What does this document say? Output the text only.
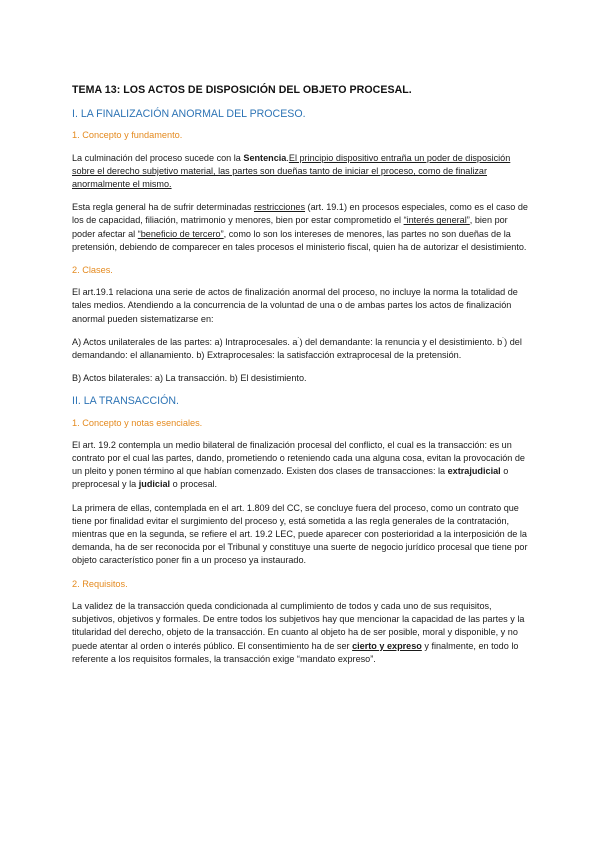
TEMA 13: LOS ACTOS DE DISPOSICIÓN DEL OBJETO PROCESAL.
I. LA FINALIZACIÓN ANORMAL DEL PROCESO.
1. Concepto y fundamento.

La culminación del proceso sucede con la Sentencia.El principio dispositivo entraña un poder de disposición sobre el derecho subjetivo material, las partes son dueñas tanto de iniciar el proceso, como de finalizar anormalmente el mismo.

Esta regla general ha de sufrir determinadas restricciones (art. 19.1) en procesos especiales, como es el caso de los de capacidad, filiación, matrimonio y menores, bien por estar comprometido el “interés general”, bien por poder afectar al “beneficio de tercero”, como lo son los intereses de menores, las partes no son dueñas de la pretensión, debiendo de comparecer en tales procesos el ministerio fiscal, quien ha de autorizar el desistimiento.

2. Clases.

El art.19.1 relaciona una serie de actos de finalización anormal del proceso, no incluye la norma la totalidad de tales medios. Atendiendo a la concurrencia de la voluntad de una o de ambas partes los actos de finalización anormal pueden sistematizarse en:

A) Actos unilaterales de las partes: a) Intraprocesales. a´) del demandante: la renuncia y el desistimiento. b´) del demandando: el allanamiento. b) Extraprocesales: la satisfacción extraprocesal de la pretensión.

B) Actos bilaterales: a) La transacción. b) El desistimiento.

II. LA TRANSACCIÓN.
1. Concepto y notas esenciales.

El art. 19.2 contempla un medio bilateral de finalización procesal del conflicto, el cual es la transacción: es un contrato por el cual las partes, dando, prometiendo o reteniendo cada una alguna cosa, evitan la provocación de un pleito y ponen término al que habían comenzado. Existen dos clases de transacciones: la extrajudicial o preprocesal y la judicial o procesal.

La primera de ellas, contemplada en el art. 1.809 del CC, se concluye fuera del proceso, como un contrato que tiene por finalidad evitar el surgimiento del proceso y, está sometida a las regla generales de la contratación, mientras que en la segunda, se refiere el art. 19.2 LEC, puede aparecer con posterioridad a la interposición de la demanda, ha de ser reconocida por el Tribunal y constituye una suerte de negocio jurídico procesal que tiene por objeto característico poner fin a un proceso ya instaurado.

2. Requisitos.

La validez de la transacción queda condicionada al cumplimiento de todos y cada uno de sus requisitos, subjetivos, objetivos y formales. De entre todos los subjetivos hay que mencionar la capacidad de las partes y la titularidad del derecho, objeto de la transacción. En cuanto al objeto ha de ser posible, moral y disponible, y no puede atentar al orden o interés público. El consentimiento ha de ser cierto y expreso y finalmente, en todo lo referente a los requisitos formales, la transacción exige “mandato expreso”.
